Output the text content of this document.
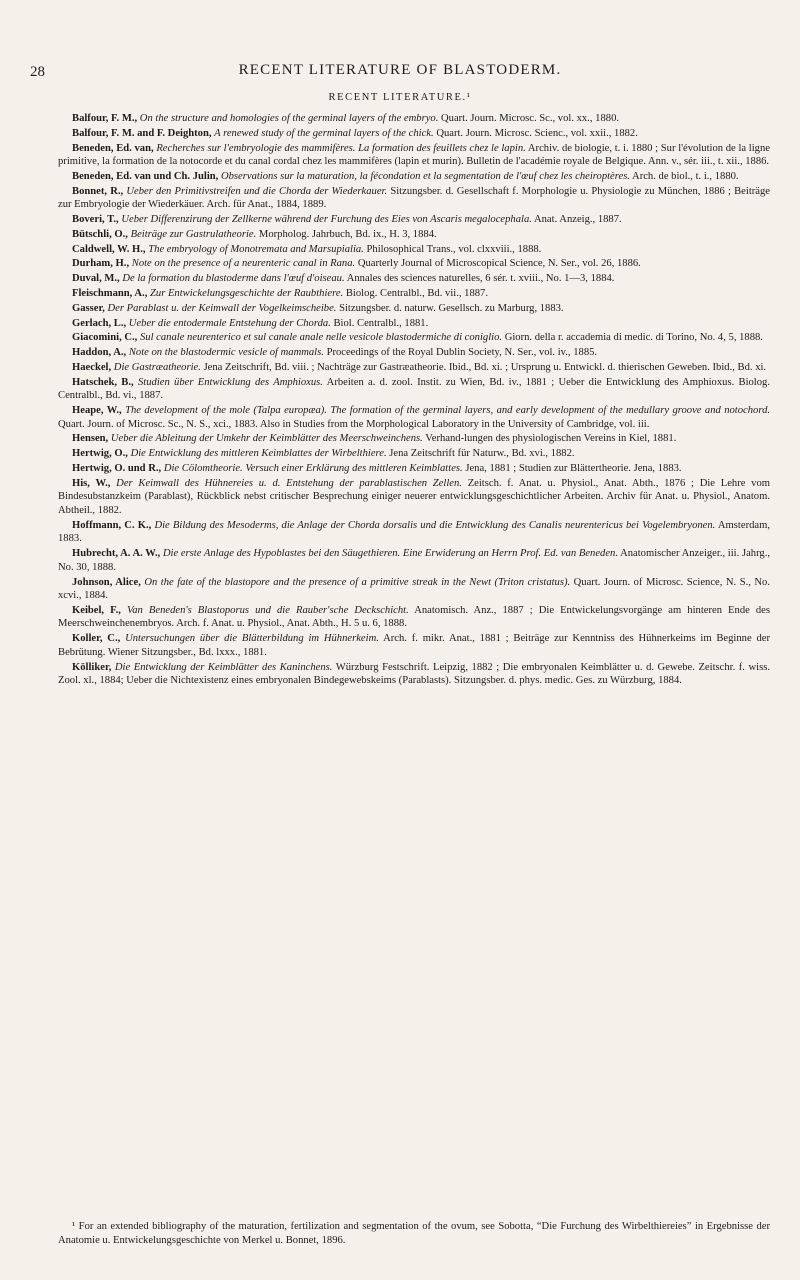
28	RECENT LITERATURE OF BLASTODERM.
RECENT LITERATURE.¹

Balfour, F. M., On the structure and homologies of the germinal layers of the embryo. Quart. Journ. Microsc. Sc., vol. xx., 1880.

Balfour, F. M. and F. Deighton, A renewed study of the germinal layers of the chick. Quart. Journ. Microsc. Scienc., vol. xxii., 1882.

Beneden, Ed. van, Recherches sur l'embryologie des mammifères. La formation des feuillets chez le lapin. Archiv. de biologie, t. i. 1880 ; Sur l'évolution de la ligne primitive, la formation de la notocorde et du canal cordal chez les mammifères (lapin et murin). Bulletin de l'académie royale de Belgique. Ann. v., sér. iii., t. xii., 1886.

Beneden, Ed. van und Ch. Julin, Observations sur la maturation, la fécondation et la segmentation de l'œuf chez les cheiroptères. Arch. de biol., t. i., 1880.

Bonnet, R., Ueber den Primitivstreifen und die Chorda der Wiederkauer. Sitzungsber. d. Gesellschaft f. Morphologie u. Physiologie zu München, 1886 ; Beiträge zur Embryologie der Wiederkäuer. Arch. für Anat., 1884, 1889.

Boveri, T., Ueber Differenzirung der Zellkerne während der Furchung des Eies von Ascaris megalocephala. Anat. Anzeig., 1887.

Bütschli, O., Beiträge zur Gastrulatheorie. Morpholog. Jahrbuch, Bd. ix., H. 3, 1884.

Caldwell, W. H., The embryology of Monotremata and Marsupialia. Philosophical Trans., vol. clxxviii., 1888.

Durham, H., Note on the presence of a neurenteric canal in Rana. Quarterly Journal of Microscopical Science, N. Ser., vol. 26, 1886.

Duval, M., De la formation du blastoderme dans l'œuf d'oiseau. Annales des sciences naturelles, 6 sér. t. xviii., No. 1—3, 1884.

Fleischmann, A., Zur Entwickelungsgeschichte der Raubthiere. Biolog. Centralbl., Bd. vii., 1887.

Gasser, Der Parablast u. der Keimwall der Vogelkeimscheibe. Sitzungsber. d. naturw. Gesellsch. zu Marburg, 1883.

Gerlach, L., Ueber die entodermale Entstehung der Chorda. Biol. Centralbl., 1881.

Giacomini, C., Sul canale neurenterico et sul canale anale nelle vesicole blastodermiche di coniglio. Giorn. della r. accademia di medic. di Torino, No. 4, 5, 1888.

Haddon, A., Note on the blastodermic vesicle of mammals. Proceedings of the Royal Dublin Society, N. Ser., vol. iv., 1885.

Haeckel, Die Gastræatheorie. Jena Zeitschrift, Bd. viii. ; Nachträge zur Gastræatheorie. Ibid., Bd. xi. ; Ursprung u. Entwickl. d. thierischen Geweben. Ibid., Bd. xi.

Hatschek, B., Studien über Entwicklung des Amphioxus. Arbeiten a. d. zool. Instit. zu Wien, Bd. iv., 1881 ; Ueber die Entwicklung des Amphioxus. Biolog. Centralbl., Bd. vi., 1887.

Heape, W., The development of the mole (Talpa europæa). The formation of the germinal layers, and early development of the medullary groove and notochord. Quart. Journ. of Microsc. Sc., N. S., xci., 1883. Also in Studies from the Morphological Laboratory in the University of Cambridge, vol. iii.

Hensen, Ueber die Ableitung der Umkehr der Keimblätter des Meerschweinchens. Verhand-lungen des physiologischen Vereins in Kiel, 1881.

Hertwig, O., Die Entwicklung des mittleren Keimblattes der Wirbelthiere. Jena Zeitschrift für Naturw., Bd. xvi., 1882.

Hertwig, O. und R., Die Cölomtheorie. Versuch einer Erklärung des mittleren Keimblattes. Jena, 1881 ; Studien zur Blättertheorie. Jena, 1883.

His, W., Der Keimwall des Hühnereies u. d. Entstehung der parablastischen Zellen. Zeitsch. f. Anat. u. Physiol., Anat. Abth., 1876 ; Die Lehre vom Bindesubstanzkeim (Parablast), Rückblick nebst critischer Besprechung einiger neuerer entwicklungsgeschichtlicher Arbeiten. Archiv für Anat. u. Physiol., Anatom. Abtheil., 1882.

Hoffmann, C. K., Die Bildung des Mesoderms, die Anlage der Chorda dorsalis und die Entwicklung des Canalis neurentericus bei Vogelembryonen. Amsterdam, 1883.

Hubrecht, A. A. W., Die erste Anlage des Hypoblastes bei den Säugethieren. Eine Erwiderung an Herrn Prof. Ed. van Beneden. Anatomischer Anzeiger., iii. Jahrg., No. 30, 1888.

Johnson, Alice, On the fate of the blastopore and the presence of a primitive streak in the Newt (Triton cristatus). Quart. Journ. of Microsc. Science, N. S., No. xcvi., 1884.

Keibel, F., Van Beneden's Blastoporus und die Rauber'sche Deckschicht. Anatomisch. Anz., 1887 ; Die Entwickelungsvorgänge am hinteren Ende des Meerschweinchenembryos. Arch. f. Anat. u. Physiol., Anat. Abth., H. 5 u. 6, 1888.

Koller, C., Untersuchungen über die Blätterbildung im Hühnerkeim. Arch. f. mikr. Anat., 1881 ; Beiträge zur Kenntniss des Hühnerkeims im Beginne der Bebrütung. Wiener Sitzungsber., Bd. lxxx., 1881.

Kölliker, Die Entwicklung der Keimblätter des Kaninchens. Würzburg Festschrift. Leipzig, 1882 ; Die embryonalen Keimblätter u. d. Gewebe. Zeitschr. f. wiss. Zool. xl., 1884; Ueber die Nichtexistenz eines embryonalen Bindegewebskeims (Parablasts). Sitzungsber. d. phys. medic. Ges. zu Würzburg, 1884.

¹ For an extended bibliography of the maturation, fertilization and segmentation of the ovum, see Sobotta, “Die Furchung des Wirbelthiereies” in Ergebnisse der Anatomie u. Entwickelungsgeschichte von Merkel u. Bonnet, 1896.
